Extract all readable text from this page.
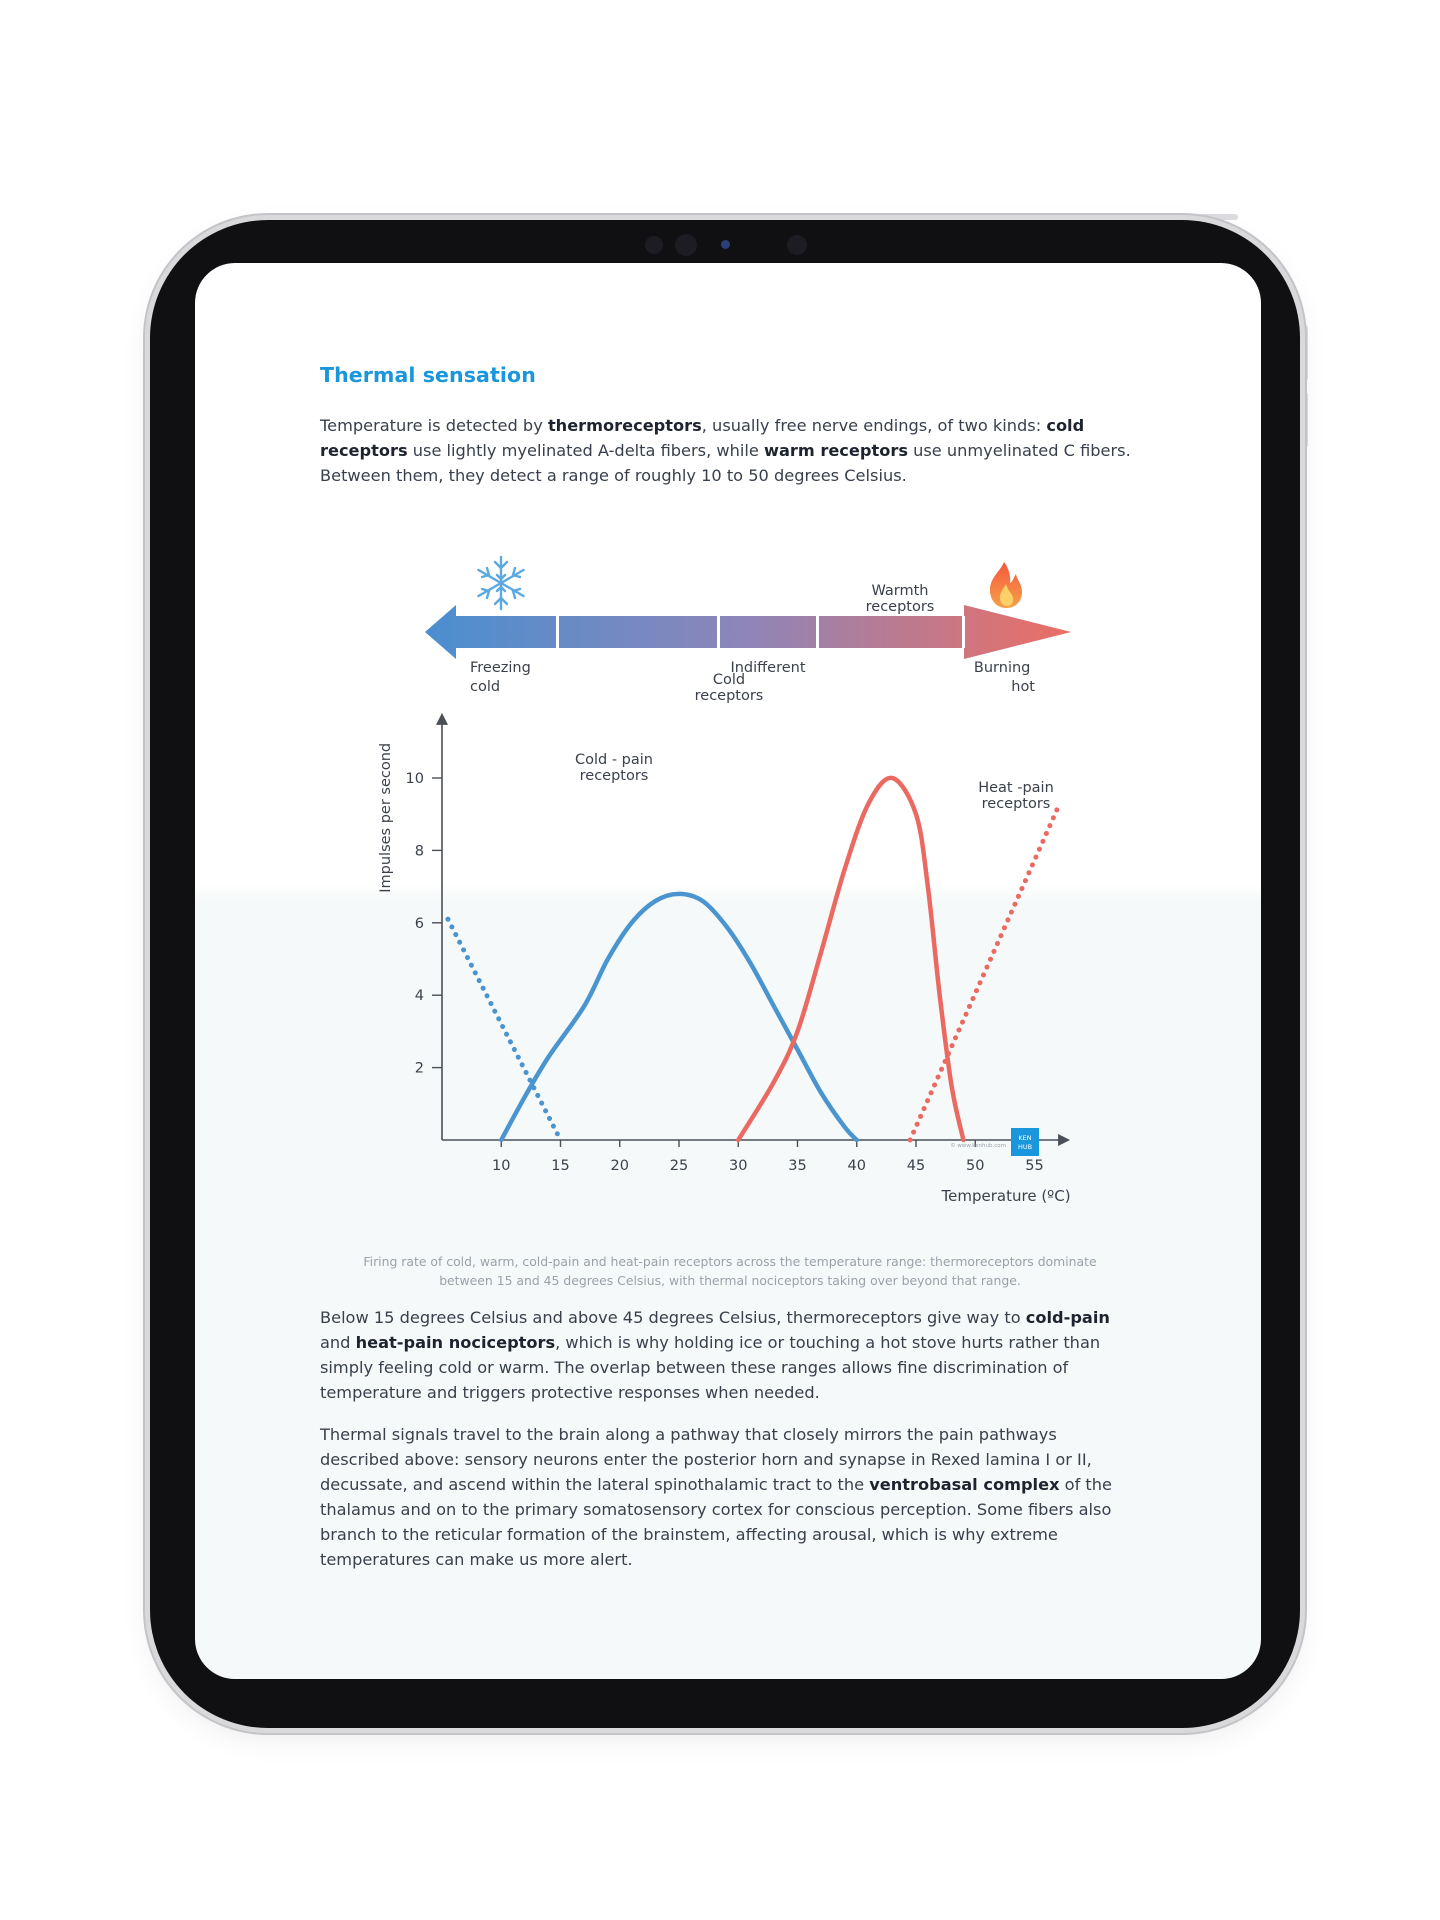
Thermal sensation

Temperature is detected by thermoreceptors, usually free nerve endings, of two kinds: cold receptors use lightly myelinated A-delta fibers, while warm receptors use unmyelinated C fibers. Between them, they detect a range of roughly 10 to 50 degrees Celsius.

Freezing cold
Indifferent	Burning hot
10	15	20	25	30	35	40	45	50	55
2
4
6
8
10
Temperature (ºC)
Impulses per second	Cold - pain
receptors
Cold
receptors
Warmth
receptors
Heat -pain
receptors
© www.kenhub.com
KEN
HUB
Firing rate of cold, warm, cold-pain and heat-pain receptors across the temperature range: thermoreceptors dominate between 15 and 45 degrees Celsius, with thermal nociceptors taking over beyond that range.

Below 15 degrees Celsius and above 45 degrees Celsius, thermoreceptors give way to cold-pain and heat-pain nociceptors, which is why holding ice or touching a hot stove hurts rather than simply feeling cold or warm. The overlap between these ranges allows fine discrimination of temperature and triggers protective responses when needed.

Thermal signals travel to the brain along a pathway that closely mirrors the pain pathways described above: sensory neurons enter the posterior horn and synapse in Rexed lamina I or II, decussate, and ascend within the lateral spinothalamic tract to the ventrobasal complex of the thalamus and on to the primary somatosensory cortex for conscious perception. Some fibers also branch to the reticular formation of the brainstem, affecting arousal, which is why extreme temperatures can make us more alert.
